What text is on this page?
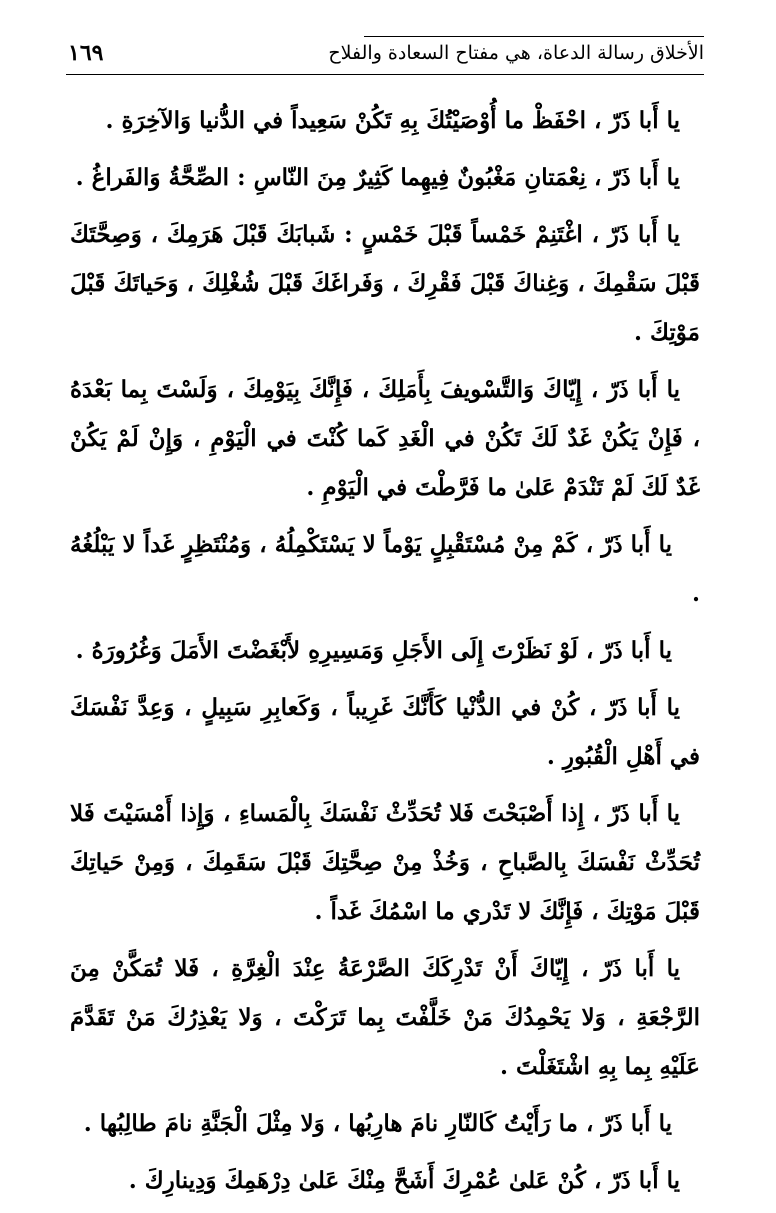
الأخلاق رسالة الدعاة، هي مفتاح السعادة والفلاح
١٦٩

يا أَبا ذَرّ ، احْفَظْ ما أُوْصَيْتُكَ بِهِ تَكُنْ سَعِيداً في الدُّنيا وَالآخِرَةِ .

يا أَبا ذَرّ ، نِعْمَتانِ مَغْبُونٌ فِيهِما كَثِيرٌ مِنَ النّاسِ : الصِّحَّةُ وَالفَراغُ .

يا أَبا ذَرّ ، اغْتَنِمْ خَمْساً قَبْلَ خَمْسٍ : شَبابَكَ قَبْلَ هَرَمِكَ ، وَصِحَّتَكَ قَبْلَ سَقْمِكَ ، وَغِناكَ قَبْلَ فَقْرِكَ ، وَفَراغَكَ قَبْلَ شُغْلِكَ ، وَحَياتَكَ قَبْلَ مَوْتِكَ .

يا أَبا ذَرّ ، إِيّاكَ وَالتَّسْويفَ بِأَمَلِكَ ، فَإِنَّكَ بِيَوْمِكَ ، وَلَسْتَ بِما بَعْدَهُ ، فَإِنْ يَكُنْ غَدٌ لَكَ تَكُنْ في الْغَدِ كَما كُنْتَ في الْيَوْمِ ، وَإِنْ لَمْ يَكُنْ غَدٌ لَكَ لَمْ تَنْدَمْ عَلىٰ ما فَرَّطْتَ في الْيَوْمِ .

يا أَبا ذَرّ ، كَمْ مِنْ مُسْتَقْبِلٍ يَوْماً لا يَسْتَكْمِلُهُ ، وَمُنْتَظِرٍ غَداً لا يَبْلُغُهُ .

يا أَبا ذَرّ ، لَوْ نَظَرْتَ إِلَى الأَجَلِ وَمَسِيرِهِ لأَبْغَضْتَ الأَمَلَ وَغُرُورَهُ .

يا أَبا ذَرّ ، كُنْ في الدُّنْيا كَأَنَّكَ غَرِيباً ، وَكَعابِرِ سَبِيلٍ ، وَعِدَّ نَفْسَكَ في أَهْلِ الْقُبُورِ .

يا أَبا ذَرّ ، إِذا أَصْبَحْتَ فَلا تُحَدِّثْ نَفْسَكَ بِالْمَساءِ ، وَإِذا أَمْسَيْتَ فَلا تُحَدِّثْ نَفْسَكَ بِالصَّباحِ ، وَخُذْ مِنْ صِحَّتِكَ قَبْلَ سَقَمِكَ ، وَمِنْ حَياتِكَ قَبْلَ مَوْتِكَ ، فَإِنَّكَ لا تَدْري ما اسْمُكَ غَداً .

يا أَبا ذَرّ ، إِيّاكَ أَنْ تَدْرِكَكَ الصَّرْعَةُ عِنْدَ الْغِرَّةِ ، فَلا تُمَكَّنْ مِنَ الرَّجْعَةِ ، وَلا يَحْمِدُكَ مَنْ خَلَّفْتَ بِما تَرَكْتَ ، وَلا يَعْذِرُكَ مَنْ تَقَدَّمَ عَلَيْهِ بِما بِهِ اشْتَغَلْتَ .

يا أَبا ذَرّ ، ما رَأَيْتُ كَالنّارِ نامَ هارِبُها ، وَلا مِثْلَ الْجَنَّةِ نامَ طالِبُها .

يا أَبا ذَرّ ، كُنْ عَلىٰ عُمْرِكَ أَشَحَّ مِنْكَ عَلىٰ دِرْهَمِكَ وَدِينارِكَ .
